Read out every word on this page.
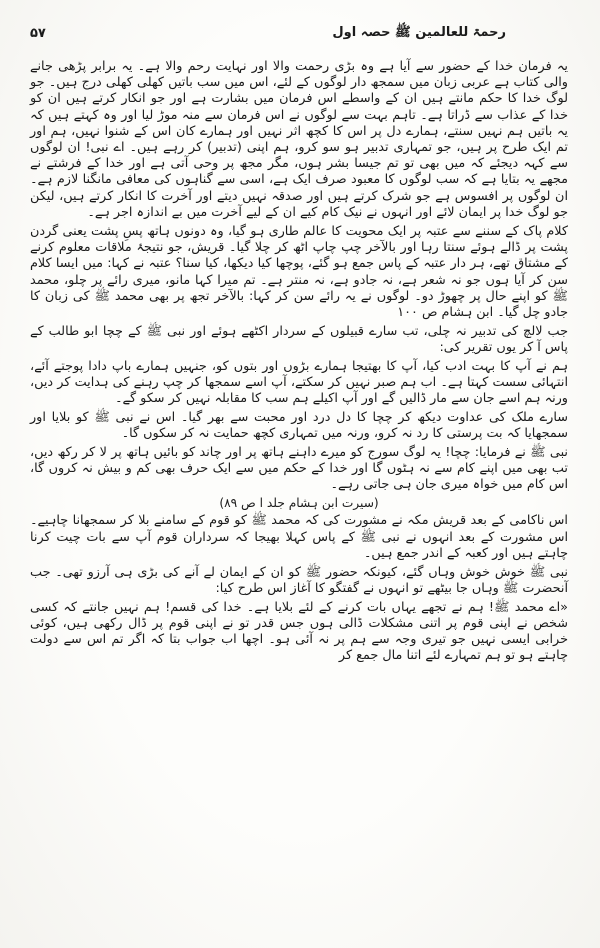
رحمۃ للعالمین ﷺ حصہ اول
۵۷

یہ فرمان خدا کے حضور سے آیا ہے وہ بڑی رحمت والا اور نہایت رحم والا ہے۔ یہ برابر پڑھی جانے والی کتاب ہے عربی زبان میں سمجھ دار لوگوں کے لئے، اس میں سب باتیں کھلی کھلی درج ہیں۔ جو لوگ خدا کا حکم مانتے ہیں ان کے واسطے اس فرمان میں بشارت ہے اور جو انکار کرتے ہیں ان کو خدا کے عذاب سے ڈراتا ہے۔ تاہم بہت سے لوگوں نے اس فرمان سے منہ موڑ لیا اور وہ کہتے ہیں کہ یہ باتیں ہم نہیں سنتے، ہمارے دل پر اس کا کچھ اثر نہیں اور ہمارے کان اس کے شنوا نہیں، ہم اور تم ایک طرح پر ہیں، جو تمہاری تدبیر ہو سو کرو، ہم اپنی (تدبیر) کر رہے ہیں۔ اے نبی! ان لوگوں سے کہہ دیجئے کہ میں بھی تو تم جیسا بشر ہوں، مگر مجھ پر وحی آتی ہے اور خدا کے فرشتے نے مجھے یہ بتایا ہے کہ سب لوگوں کا معبود صرف ایک ہے، اسی سے گناہوں کی معافی مانگنا لازم ہے۔ ان لوگوں پر افسوس ہے جو شرک کرتے ہیں اور صدقہ نہیں دیتے اور آخرت کا انکار کرتے ہیں، لیکن جو لوگ خدا پر ایمان لائے اور انہوں نے نیک کام کیے ان کے لیے آخرت میں بے اندازہ اجر ہے۔

کلام پاک کے سننے سے عتبہ پر ایک محویت کا عالم طاری ہو گیا، وہ دونوں ہاتھ پسِ پشت یعنی گردن پشت پر ڈالے ہوئے سنتا رہا اور بالآخر چپ چاپ اٹھ کر چلا گیا۔ قریش، جو نتیجۂ ملاقات معلوم کرنے کے مشتاق تھے، ہر دار عتبہ کے پاس جمع ہو گئے، پوچھا کیا دیکھا، کیا سنا؟ عتبہ نے کہا: میں ایسا کلام سن کر آیا ہوں جو نہ شعر ہے، نہ جادو ہے، نہ منتر ہے۔ تم میرا کہا مانو، میری رائے پر چلو، محمد ﷺ کو اپنے حال پر چھوڑ دو۔ لوگوں نے یہ رائے سن کر کہا: بالآخر تجھ پر بھی محمد ﷺ کی زبان کا جادو چل گیا۔ ابن ہشام ص ۱۰۰

جب لالچ کی تدبیر نہ چلی، تب سارے قبیلوں کے سردار اکٹھے ہوئے اور نبی ﷺ کے چچا ابو طالب کے پاس آ کر یوں تقریر کی:

ہم نے آپ کا بہت ادب کیا، آپ کا بھتیجا ہمارے بڑوں اور بتوں کو، جنہیں ہمارے باپ دادا پوجتے آئے، انتہائی سست کہتا ہے۔ اب ہم صبر نہیں کر سکتے، آپ اسے سمجھا کر چپ رہنے کی ہدایت کر دیں، ورنہ ہم اسے جان سے مار ڈالیں گے اور آپ اکیلے ہم سب کا مقابلہ نہیں کر سکو گے۔

سارے ملک کی عداوت دیکھ کر چچا کا دل درد اور محبت سے بھر گیا۔ اس نے نبی ﷺ کو بلایا اور سمجھایا کہ بت پرستی کا رد نہ کرو، ورنہ میں تمہاری کچھ حمایت نہ کر سکوں گا۔

نبی ﷺ نے فرمایا: چچا! یہ لوگ سورج کو میرے داہنے ہاتھ پر اور چاند کو بائیں ہاتھ پر لا کر رکھ دیں، تب بھی میں اپنے کام سے نہ ہٹوں گا اور خدا کے حکم میں سے ایک حرف بھی کم و بیش نہ کروں گا، اس کام میں خواہ میری جان ہی جاتی رہے۔

(سیرت ابن ہشام جلد ا ص ۸۹)

اس ناکامی کے بعد قریش مکہ نے مشورت کی کہ محمد ﷺ کو قوم کے سامنے بلا کر سمجھانا چاہیے۔ اس مشورت کے بعد انہوں نے نبی ﷺ کے پاس کہلا بھیجا کہ سرداران قوم آپ سے بات چیت کرنا چاہتے ہیں اور کعبہ کے اندر جمع ہیں۔

نبی ﷺ خوش خوش وہاں گئے، کیونکہ حضور ﷺ کو ان کے ایمان لے آنے کی بڑی ہی آرزو تھی۔ جب آنحضرت ﷺ وہاں جا بیٹھے تو انہوں نے گفتگو کا آغاز اس طرح کیا:

«اے محمد ﷺ! ہم نے تجھے یہاں بات کرنے کے لئے بلایا ہے۔ خدا کی قسم! ہم نہیں جانتے کہ کسی شخص نے اپنی قوم پر اتنی مشکلات ڈالی ہوں جس قدر تو نے اپنی قوم پر ڈال رکھی ہیں، کوئی خرابی ایسی نہیں جو تیری وجہ سے ہم پر نہ آئی ہو۔ اچھا اب جواب بتا کہ اگر تم اس سے دولت چاہتے ہو تو ہم تمہارے لئے اتنا مال جمع کر
